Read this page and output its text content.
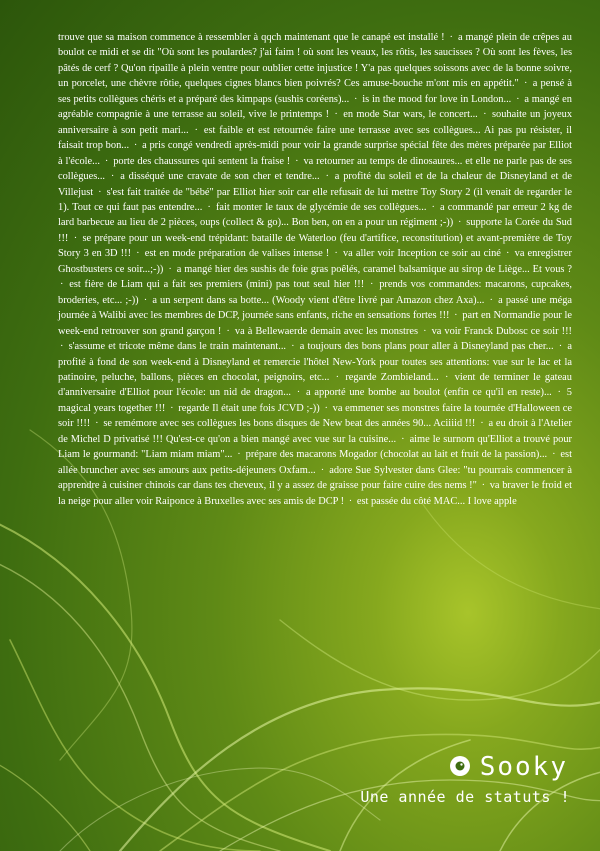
trouve que sa maison commence à ressembler à qqch maintenant que le canapé est installé ! · a mangé plein de crêpes au boulot ce midi et se dit "Où sont les poulardes? j'ai faim ! où sont les veaux, les rôtis, les saucisses ? Où sont les fèves, les pâtés de cerf ? Qu'on ripaille à plein ventre pour oublier cette injustice ! Y'a pas quelques soissons avec de la bonne soivre, un porcelet, une chèvre rôtie, quelques cignes blancs bien poivrés? Ces amuse-bouche m'ont mis en appétit." · a pensé à ses petits collègues chéris et a préparé des kimpaps (sushis coréens)... · is in the mood for love in London... · a mangé en agréable compagnie à une terrasse au soleil, vive le printemps ! · en mode Star wars, le concert... · souhaite un joyeux anniversaire à son petit mari... · est faible et est retournée faire une terrasse avec ses collègues... Ai pas pu résister, il faisait trop bon... · a pris congé vendredi après-midi pour voir la grande surprise spécial fête des mères préparée par Elliot à l'école... · porte des chaussures qui sentent la fraise ! · va retourner au temps de dinosaures... et elle ne parle pas de ses collègues... · a disséqué une cravate de son cher et tendre... · a profité du soleil et de la chaleur de Disneyland et de Villejust · s'est fait traitée de "bébé" par Elliot hier soir car elle refusait de lui mettre Toy Story 2 (il venait de regarder le 1). Tout ce qui faut pas entendre... · fait monter le taux de glycémie de ses collègues... · a commandé par erreur 2 kg de lard barbecue au lieu de 2 pièces, oups (collect & go)... Bon ben, on en a pour un régiment ;-)) · supporte la Corée du Sud !!! · se prépare pour un week-end trépidant: bataille de Waterloo (feu d'artifice, reconstitution) et avant-première de Toy Story 3 en 3D !!! · est en mode préparation de valises intense ! · va aller voir Inception ce soir au ciné · va enregistrer Ghostbusters ce soir...;-)) · a mangé hier des sushis de foie gras poêlés, caramel balsamique au sirop de Liège... Et vous ? · est fière de Liam qui a fait ses premiers (mini) pas tout seul hier !!! · prends vos commandes: macarons, cupcakes, broderies, etc... ;-)) · a un serpent dans sa botte... (Woody vient d'être livré par Amazon chez Axa)... · a passé une méga journée à Walibi avec les membres de DCP, journée sans enfants, riche en sensations fortes !!! · part en Normandie pour le week-end retrouver son grand garçon ! · va à Bellewaerde demain avec les monstres · va voir Franck Dubosc ce soir !!! · s'assume et tricote même dans le train maintenant... · a toujours des bons plans pour aller à Disneyland pas cher... · a profité à fond de son week-end à Disneyland et remercie l'hôtel New-York pour toutes ses attentions: vue sur le lac et la patinoire, peluche, ballons, pièces en chocolat, peignoirs, etc... · regarde Zombieland... · vient de terminer le gateau d'anniversaire d'Elliot pour l'école: un nid de dragon... · a apporté une bombe au boulot (enfin ce qu'il en reste)... · 5 magical years together !!! · regarde Il était une fois JCVD ;-)) · va emmener ses monstres faire la tournée d'Halloween ce soir !!!! · se remémore avec ses collègues les bons disques de New beat des années 90... Aciiiid !!! · a eu droit à l'Atelier de Michel D privatisé !!! Qu'est-ce qu'on a bien mangé avec vue sur la cuisine... · aime le surnom qu'Elliot a trouvé pour Liam le gourmand: "Liam miam miam"... · prépare des macarons Mogador (chocolat au lait et fruit de la passion)... · est allée bruncher avec ses amours aux petits-déjeuners Oxfam... · adore Sue Sylvester dans Glee: "tu pourrais commencer à apprendre à cuisiner chinois car dans tes cheveux, il y a assez de graisse pour faire cuire des nems !" · va braver le froid et la neige pour aller voir Raiponce à Bruxelles avec ses amis de DCP ! · est passée du côté MAC... I love apple

Sooky
Une année de statuts !
